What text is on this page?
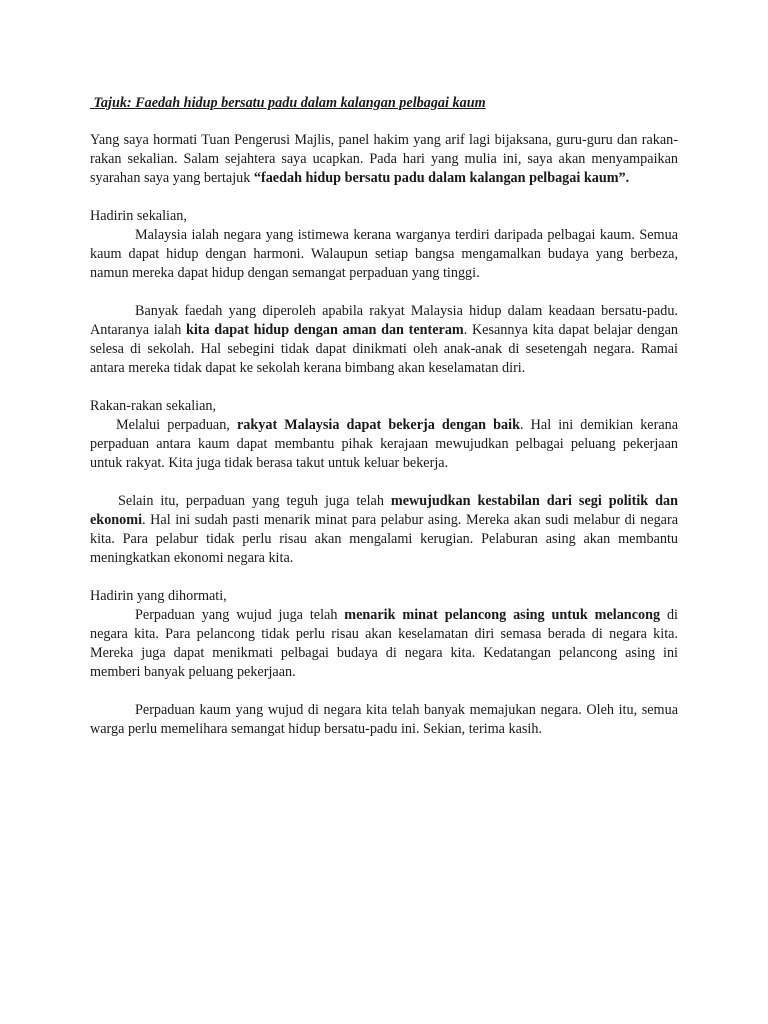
Tajuk: Faedah hidup bersatu padu dalam kalangan pelbagai kaum

Yang saya hormati Tuan Pengerusi Majlis, panel hakim yang arif lagi bijaksana, guru-guru dan rakan-rakan sekalian. Salam sejahtera saya ucapkan. Pada hari yang mulia ini, saya akan menyampaikan syarahan saya yang bertajuk “faedah hidup bersatu padu dalam kalangan pelbagai kaum”.

Hadirin sekalian,

Malaysia ialah negara yang istimewa kerana warganya terdiri daripada pelbagai kaum. Semua kaum dapat hidup dengan harmoni. Walaupun setiap bangsa mengamalkan budaya yang berbeza, namun mereka dapat hidup dengan semangat perpaduan yang tinggi.

Banyak faedah yang diperoleh apabila rakyat Malaysia hidup dalam keadaan bersatu-padu. Antaranya ialah kita dapat hidup dengan aman dan tenteram. Kesannya kita dapat belajar dengan selesa di sekolah. Hal sebegini tidak dapat dinikmati oleh anak-anak di sesetengah negara. Ramai antara mereka tidak dapat ke sekolah kerana bimbang akan keselamatan diri.

Rakan-rakan sekalian,

Melalui perpaduan, rakyat Malaysia dapat bekerja dengan baik. Hal ini demikian kerana perpaduan antara kaum dapat membantu pihak kerajaan mewujudkan pelbagai peluang pekerjaan untuk rakyat. Kita juga tidak berasa takut untuk keluar bekerja.

Selain itu, perpaduan yang teguh juga telah mewujudkan kestabilan dari segi politik dan ekonomi. Hal ini sudah pasti menarik minat para pelabur asing. Mereka akan sudi melabur di negara kita. Para pelabur tidak perlu risau akan mengalami kerugian. Pelaburan asing akan membantu meningkatkan ekonomi negara kita.

Hadirin yang dihormati,

Perpaduan yang wujud juga telah menarik minat pelancong asing untuk melancong di negara kita. Para pelancong tidak perlu risau akan keselamatan diri semasa berada di negara kita. Mereka juga dapat menikmati pelbagai budaya di negara kita. Kedatangan pelancong asing ini memberi banyak peluang pekerjaan.

Perpaduan kaum yang wujud di negara kita telah banyak memajukan negara. Oleh itu, semua warga perlu memelihara semangat hidup bersatu-padu ini. Sekian, terima kasih.
